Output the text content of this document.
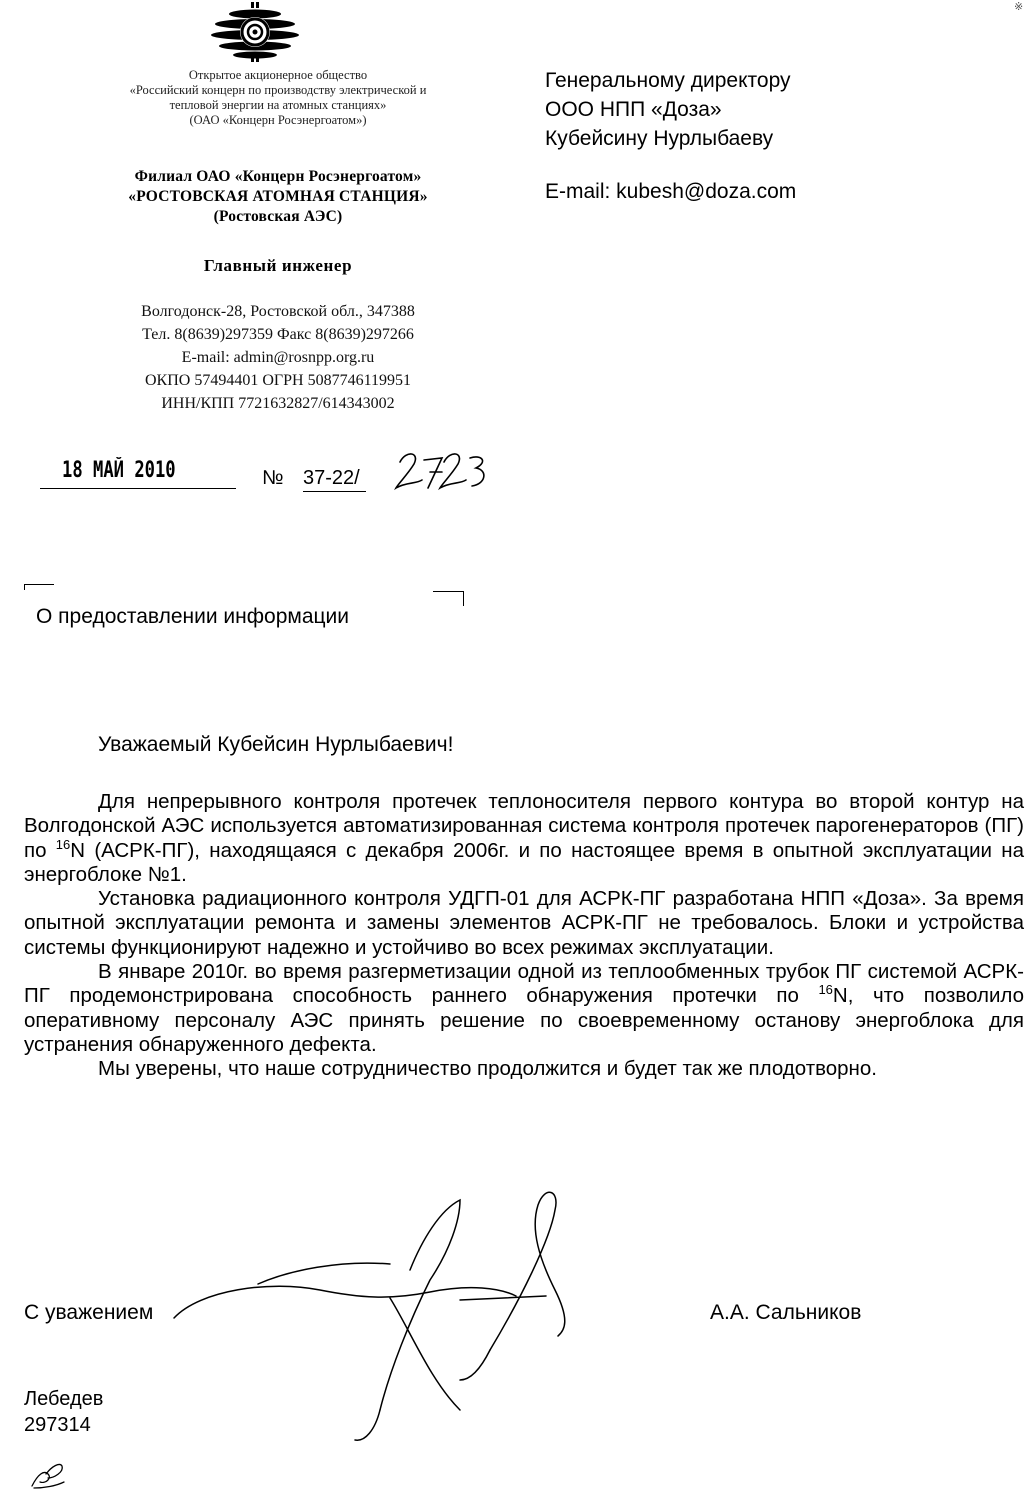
Открытое акционерное общество
«Российский концерн по производству электрической и
тепловой энергии на атомных станциях»
(ОАО «Концерн Росэнергоатом»)
Филиал ОАО «Концерн Росэнергоатом»
«РОСТОВСКАЯ АТОМНАЯ СТАНЦИЯ»
(Ростовская АЭС)
Главный инженер
Волгодонск-28, Ростовской обл., 347388
Тел. 8(8639)297359 Факс 8(8639)297266
E-mail: admin@rosnpp.org.ru
ОКПО 57494401 ОГРН 5087746119951
ИНН/КПП 7721632827/614343002
Генеральному директору
ООО НПП «Доза»
Кубейсину Нурлыбаеву
E-mail: kubesh@doza.com
18 МАЙ 2010	№ 37-22/
О предоставлении информации
Уважаемый Кубейсин Нурлыбаевич!

Для непрерывного контроля протечек теплоносителя первого контура во второй контур на Волгодонской АЭС используется автоматизированная система контроля протечек парогенераторов (ПГ) по $^{16}$N (АСРК-ПГ), находящаяся с декабря 2006г. и по настоящее время в опытной эксплуатации на энергоблоке №1.

Установка радиационного контроля УДГП-01 для АСРК-ПГ разработана НПП «Доза». За время опытной эксплуатации ремонта и замены элементов АСРК-ПГ не требовалось. Блоки и устройства системы функционируют надежно и устойчиво во всех режимах эксплуатации.

В январе 2010г. во время разгерметизации одной из теплообменных трубок ПГ системой АСРК-ПГ продемонстрирована способность раннего обнаружения протечки по $^{16}$N, что позволило оперативному персоналу АЭС принять решение по своевременному останову энергоблока для устранения обнаруженного дефекта.

Мы уверены, что наше сотрудничество продолжится и будет так же плодотворно.

С уважением	А.А. Сальников
Лебедев
297314
※
